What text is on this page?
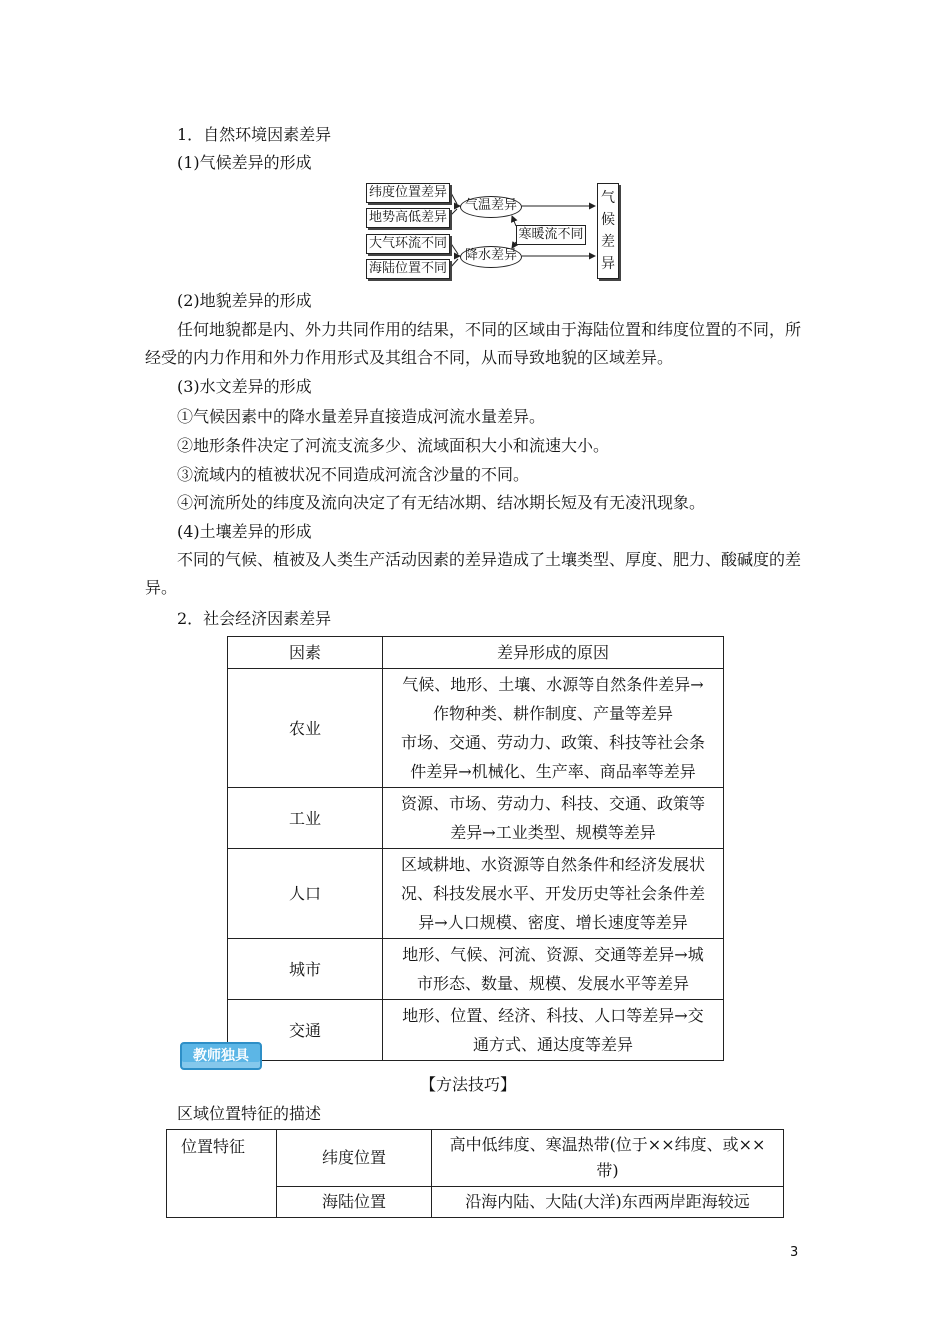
1．自然环境因素差异
(1)气候差异的形成
纬度位置差异
地势高低差异
大气环流不同
海陆位置不同
气温差异
降水差异
寒暖流不同
气
候
差
异
(2)地貌差异的形成
任何地貌都是内、外力共同作用的结果，不同的区域由于海陆位置和纬度位置的不同，所经受的内力作用和外力作用形式及其组合不同，从而导致地貌的区域差异。
(3)水文差异的形成
①气候因素中的降水量差异直接造成河流水量差异。
②地形条件决定了河流支流多少、流域面积大小和流速大小。
③流域内的植被状况不同造成河流含沙量的不同。
④河流所处的纬度及流向决定了有无结冰期、结冰期长短及有无凌汛现象。
(4)土壤差异的形成
不同的气候、植被及人类生产活动因素的差异造成了土壤类型、厚度、肥力、酸碱度的差异。
2．社会经济因素差异
因素	差异形成的原因
农业	气候、地形、土壤、水源等自然条件差异→
作物种类、耕作制度、产量等差异
市场、交通、劳动力、政策、科技等社会条
件差异→机械化、生产率、商品率等差异

工业	资源、市场、劳动力、科技、交通、政策等
差异→工业类型、规模等差异

人口	区域耕地、水资源等自然条件和经济发展状
况、科技发展水平、开发历史等社会条件差
异→人口规模、密度、增长速度等差异

城市	地形、气候、河流、资源、交通等差异→城
市形态、数量、规模、发展水平等差异

交通	地形、位置、经济、科技、人口等差异→交
通方式、通达度等差异
教师独具
【方法技巧】
区域位置特征的描述
位置特征	纬度位置	高中低纬度、寒温热带(位于××纬度、或××
带)

	海陆位置	沿海内陆、大陆(大洋)东西两岸距海较远
3
